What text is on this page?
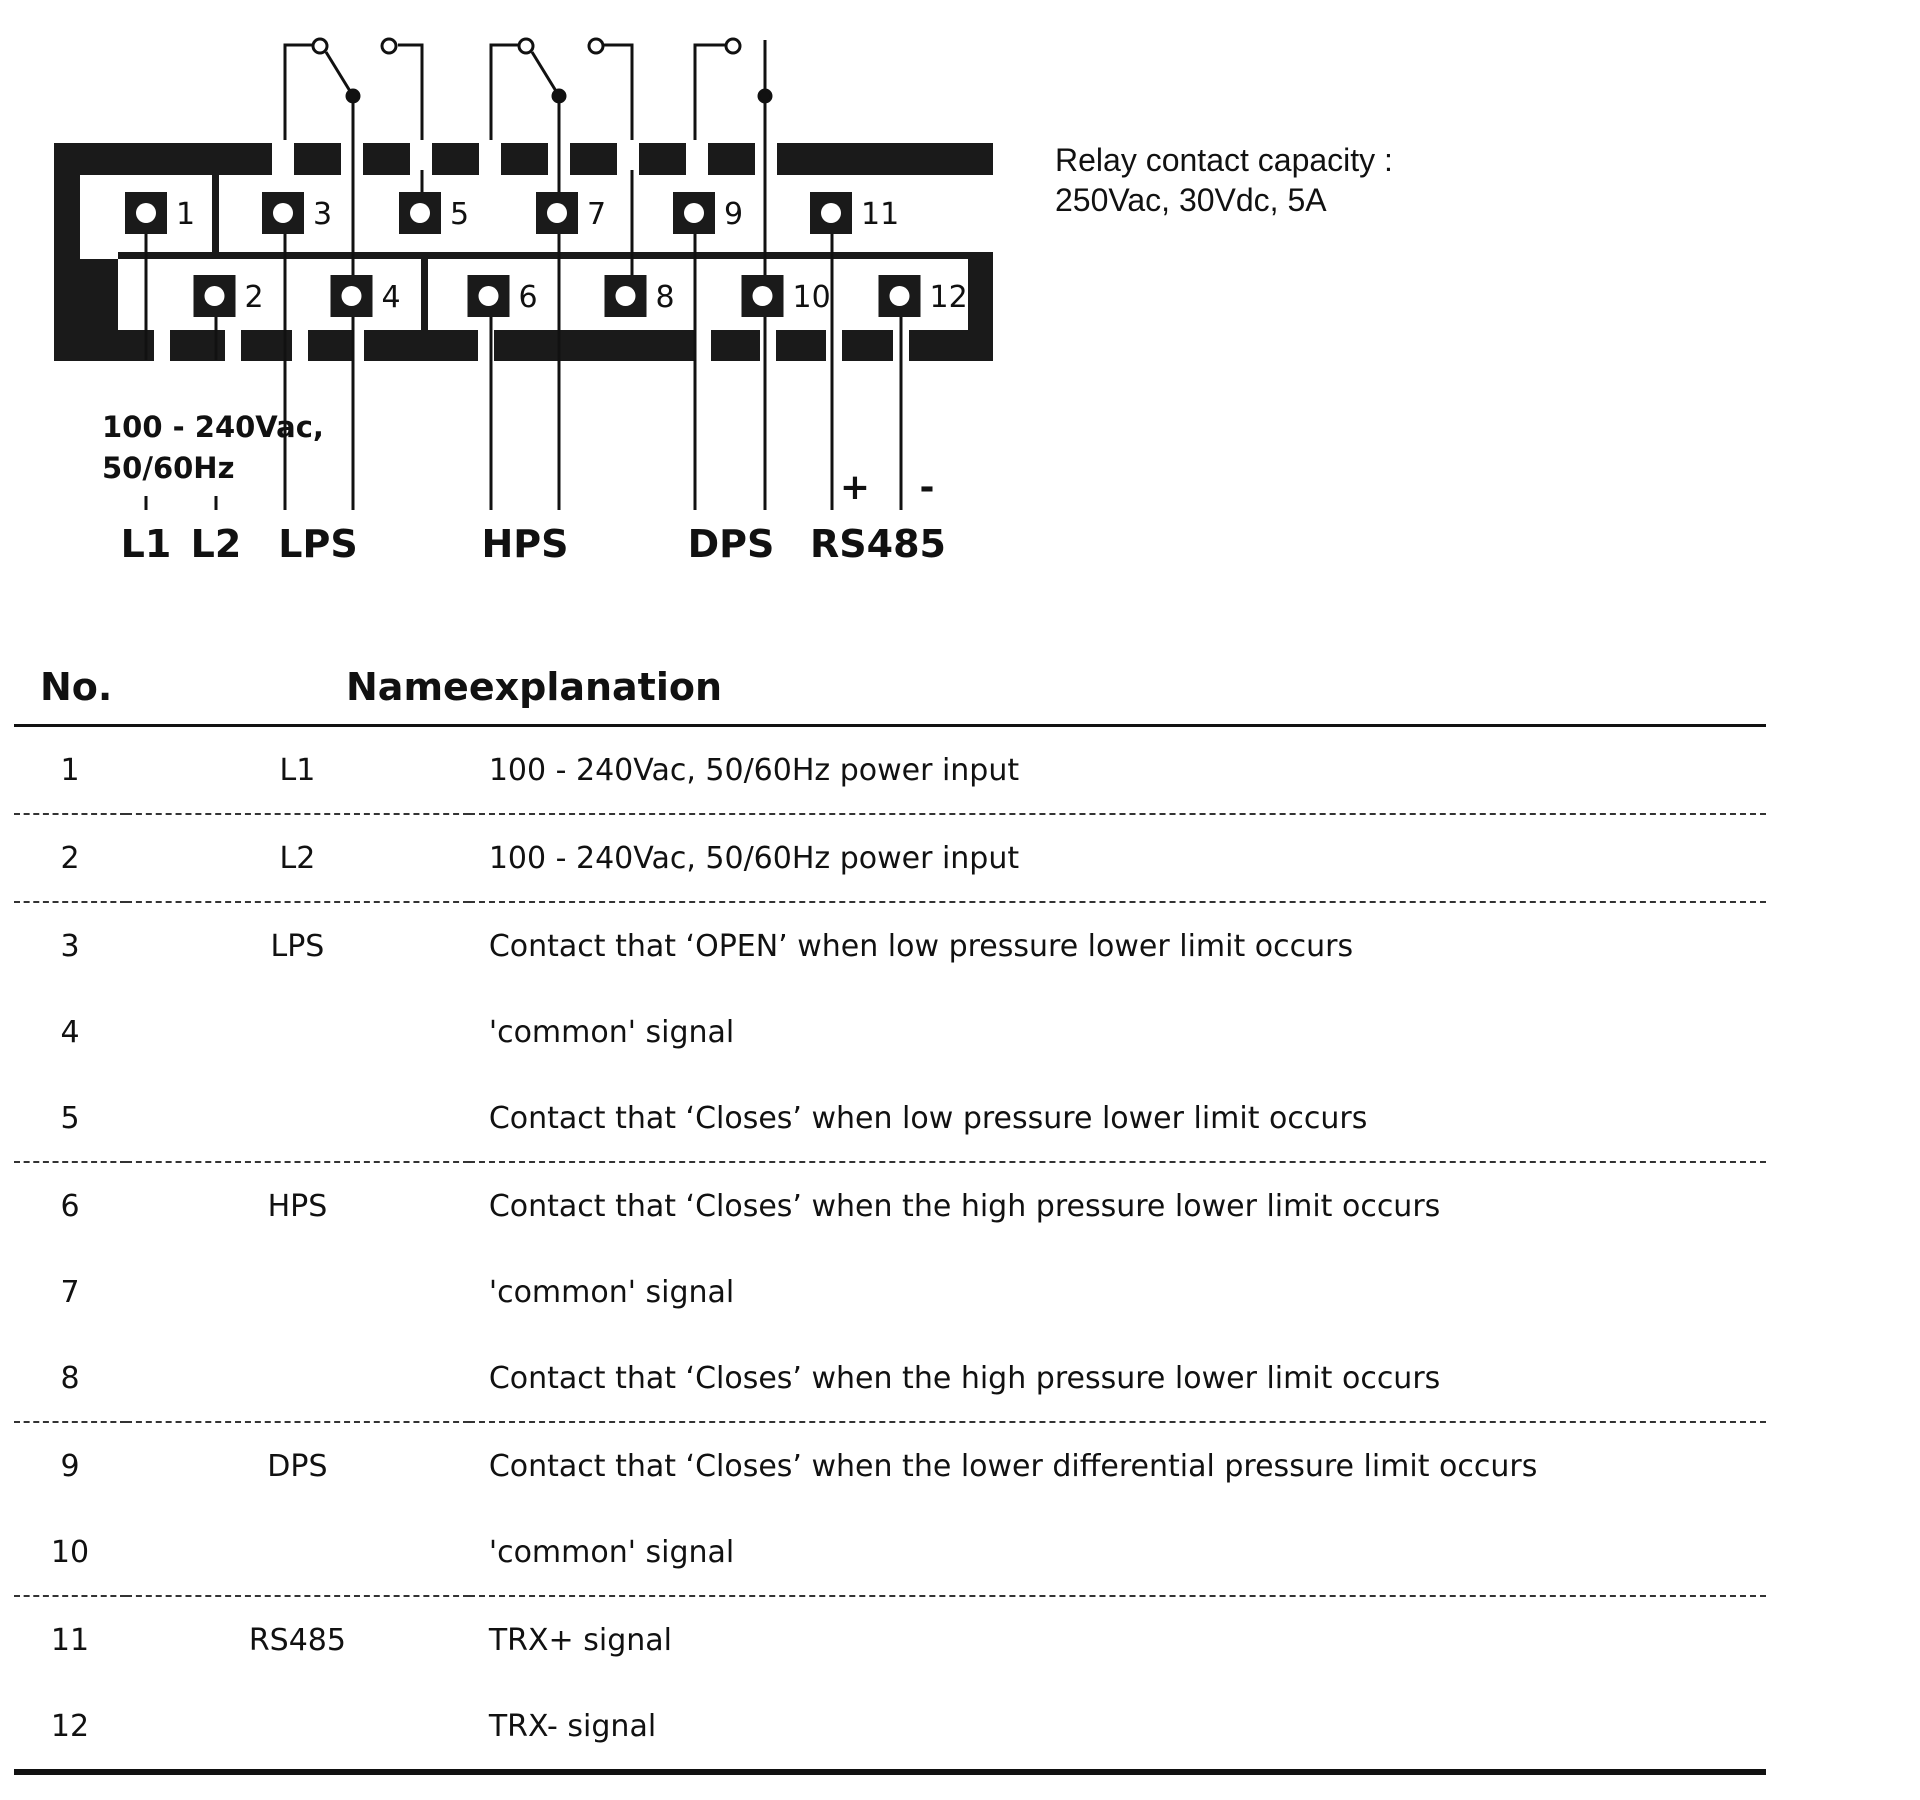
1
2
3
4
5
6
7
8
9
10
11
12
100 - 240Vac,
50/60Hz	+ -
L1 L2 LPS	HPS	DPS RS485
Relay contact capacity :
250Vac, 30Vdc, 5A
No.	Name	explanation
1	L1	100 - 240Vac, 50/60Hz power input
2	L2	100 - 240Vac, 50/60Hz power input
3	LPS	Contact that ‘OPEN’ when low pressure lower limit occurs
4		'common' signal
5		Contact that ‘Closes’ when low pressure lower limit occurs
6	HPS	Contact that ‘Closes’ when the high pressure lower limit occurs
7		'common' signal
8		Contact that ‘Closes’ when the high pressure lower limit occurs
9	DPS	Contact that ‘Closes’ when the lower differential pressure limit occurs
10		'common' signal
11	RS485	TRX+ signal
12		TRX- signal
